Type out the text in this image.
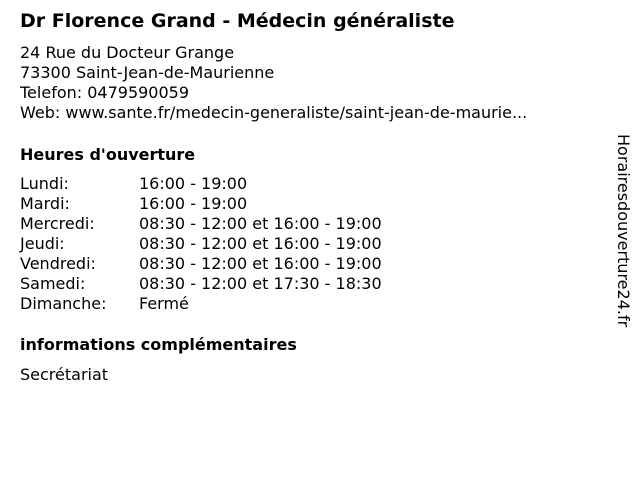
Dr Florence Grand - Médecin généraliste
24 Rue du Docteur Grange
73300 Saint-Jean-de-Maurienne
Telefon: 0479590059
Web: www.sante.fr/medecin-generaliste/saint-jean-de-maurie...
Heures d'ouverture
Lundi:	16:00 - 19:00
Mardi:	16:00 - 19:00
Mercredi:	08:30 - 12:00 et 16:00 - 19:00
Jeudi:	08:30 - 12:00 et 16:00 - 19:00
Vendredi:	08:30 - 12:00 et 16:00 - 19:00
Samedi:	08:30 - 12:00 et 17:30 - 18:30
Dimanche:	Fermé
informations complémentaires
Secrétariat
Horairesdouverture24.fr
